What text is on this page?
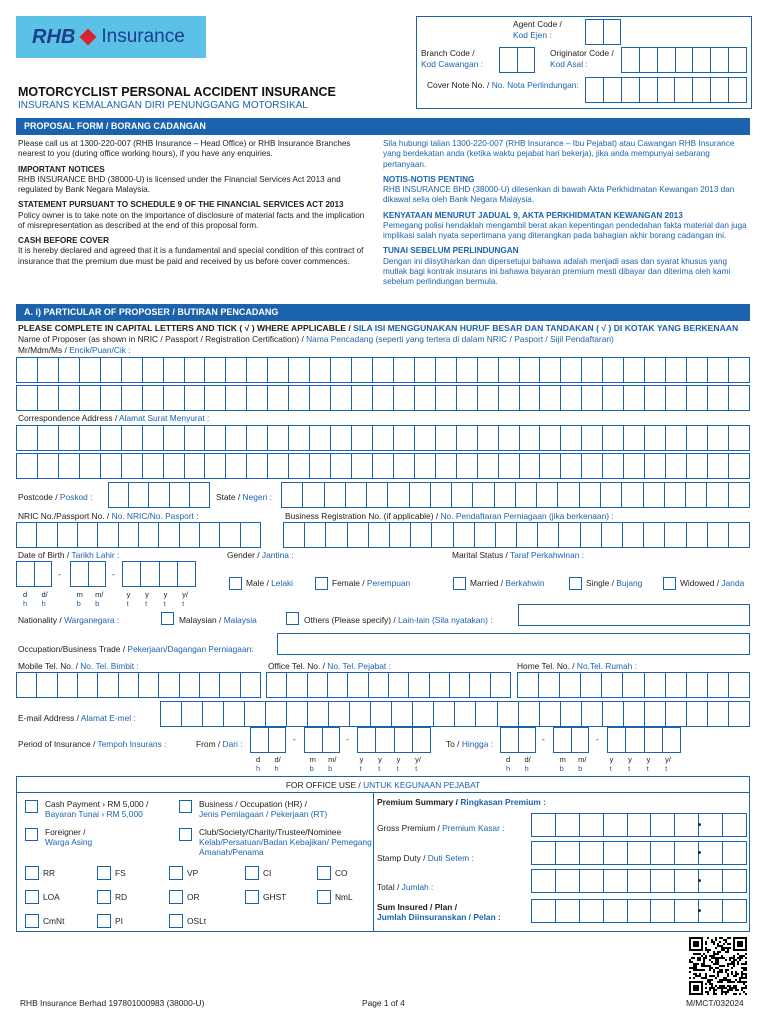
RHB Insurance
Agent Code /
Kod Ejen :
Branch Code /
Kod Cawangan :
Originator Code /
Kod Asal :
Cover Note No. / No. Nota Perlindungan:
MOTORCYCLIST PERSONAL ACCIDENT INSURANCE
INSURANS KEMALANGAN DIRI PENUNGGANG MOTORSIKAL
PROPOSAL FORM / BORANG CADANGAN
Please call us at 1300-220-007 (RHB Insurance – Head Office) or RHB Insurance Branches nearest to you (during office working hours), if you have any enquiries.
IMPORTANT NOTICES
RHB INSURANCE BHD (38000-U) is licensed under the Financial Services Act 2013 and regulated by Bank Negara Malaysia.
STATEMENT PURSUANT TO SCHEDULE 9 OF THE FINANCIAL SERVICES ACT 2013
Policy owner is to take note on the importance of disclosure of material facts and the implication of misrepresentation as described at the end of this proposal form.
CASH BEFORE COVER
It is hereby declared and agreed that it is a fundamental and special condition of this contract of insurance that the premium due must be paid and received by us before cover commences.
Sila hubungi talian 1300-220-007 (RHB Insurance – Ibu Pejabat) atau Cawangan RHB Insurance yang berdekatan anda (ketika waktu pejabat hari bekerja), jika anda mempunyai sebarang pertanyaan.
NOTIS-NOTIS PENTING
RHB INSURANCE BHD (38000-U) dilesenkan di bawah Akta Perkhidmatan Kewangan 2013 dan dikawal selia oleh Bank Negara Malaysia.
KENYATAAN MENURUT JADUAL 9, AKTA PERKHIDMATAN KEWANGAN 2013
Pemegang polisi hendaklah mengambil berat akan kepentingan pendedahan fakta material dan juga implikasi salah nyata sepertimana yang diterangkan pada bahagian akhir borang cadangan ini.
TUNAI SEBELUM PERLINDUNGAN
Dengan ini diisytiharkan dan dipersetujui bahawa adalah menjadi asas dan syarat khusus yang mutlak bagi kontrak insurans ini bahawa bayaran premium mesti dibayar dan diterima oleh kami sebelum perlindungan bermula.
A. i) PARTICULAR OF PROPOSER / BUTIRAN PENCADANG
PLEASE COMPLETE IN CAPITAL LETTERS AND TICK ( √ ) WHERE APPLICABLE / SILA ISI MENGGUNAKAN HURUF BESAR DAN TANDAKAN ( √ ) DI KOTAK YANG BERKENAAN
Name of Proposer (as shown in NRIC / Passport / Registration Certification) / Nama Pencadang (seperti yang tertera di dalam NRIC / Pasport / Sijil Pendaftaran)
Mr/Mdm/Ms / Encik/Puan/Cik :
Correspondence Address / Alamat Surat Menyurat :
Postcode / Poskod :	State / Negeri :
NRIC No./Passport No. / No. NRIC/No. Pasport :	Business Registration No. (if applicable) / No. Pendaftaran Perniagaan (jika berkenaan) :
Date of Birth / Tarikh Lahir :	Gender / Jantina :	Marital Status / Taraf Perkahwinan :
-	-
d
h
d/
h
m
b
m/
b
y
t
y
t
y
t
y/
t
Male / Lelaki	Female / Perempuan	Married / Berkahwin	Single / Bujang	Widowed / Janda
Nationality / Warganegara :	Malaysian / Malaysia	Others (Please specify) / Lain-lain (Sila nyatakan) :
Occupation/Business Trade / Pekerjaan/Dagangan Perniagaan:
Mobile Tel. No. / No. Tel. Bimbit :	Office Tel. No. / No. Tel. Pejabat :	Home Tel. No. / No.Tel. Rumah :
E-mail Address / Alamat E-mel :
Period of Insurance / Tempoh Insurans :	From / Dari :	-	-	To / Hingga :	-	-
d
h
d/
h
m
b
m/
b
y
t
y
t
y
t
y/
t
d
h
d/
h
m
b
m/
b
y
t
y
t
y
t
y/
t
FOR OFFICE USE / UNTUK KEGUNAAN PEJABAT
Cash Payment › RM 5,000 /
Bayaran Tunai › RM 5,000
Business / Occupation (HR) /
Jenis Perniagaan / Pekerjaan (RT)
Foreigner /
Warga Asing
Club/Society/Charity/Trustee/Nominee
Kelab/Persatuan/Badan Kebajikan/ Pemegang Amanah/Penama
RR	FS	VP	CI	CO
LOA	RD	OR	GHST	NmL
CmNt	PI	OSLt
Premium Summary / Ringkasan Premium :
Gross Premium / Premium Kasar :
Stamp Duty / Duti Setem :
Total / Jumlah :
Sum Insured / Plan /
Jumlah Diinsuranskan / Pelan :
•
•
•
•
RHB Insurance Berhad 197801000983 (38000-U)	Page 1 of 4	M/MCT/032024
